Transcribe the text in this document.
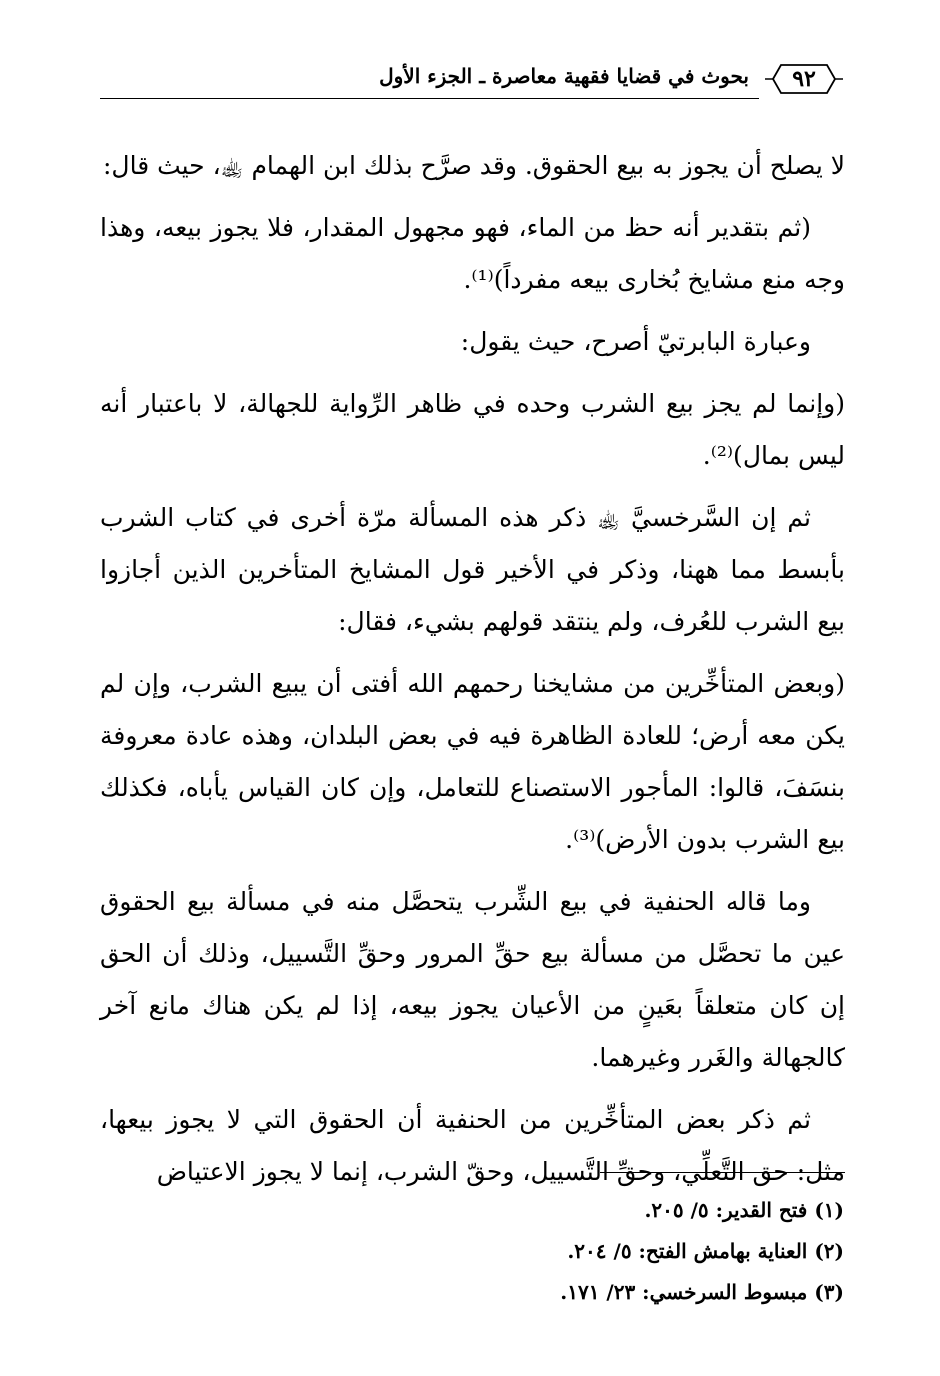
٩٢
بحوث في قضايا فقهية معاصرة ـ الجزء الأول

لا يصلح أن يجوز به بيع الحقوق. وقد صرَّح بذلك ابن الهمام ﵀، حيث قال:

(ثم بتقدير أنه حظ من الماء، فهو مجهول المقدار، فلا يجوز بيعه، وهذا وجه منع مشايخ بُخارى بيعه مفرداً)⁽¹⁾.

وعبارة البابرتيّ أصرح، حيث يقول:

(وإنما لم يجز بيع الشرب وحده في ظاهر الرِّواية للجهالة، لا باعتبار أنه ليس بمال)⁽²⁾.

ثم إن السَّرخسيَّ ﵀ ذكر هذه المسألة مرّة أخرى في كتاب الشرب بأبسط مما ههنا، وذكر في الأخير قول المشايخ المتأخرين الذين أجازوا بيع الشرب للعُرف، ولم ينتقد قولهم بشيء، فقال:

(وبعض المتأخِّرين من مشايخنا رحمهم الله أفتى أن يبيع الشرب، وإن لم يكن معه أرض؛ للعادة الظاهرة فيه في بعض البلدان، وهذه عادة معروفة بنسَفَ، قالوا: المأجور الاستصناع للتعامل، وإن كان القياس يأباه، فكذلك بيع الشرب بدون الأرض)⁽³⁾.

وما قاله الحنفية في بيع الشِّرب يتحصَّل منه في مسألة بيع الحقوق عين ما تحصَّل من مسألة بيع حقِّ المرور وحقِّ التَّسييل، وذلك أن الحق إن كان متعلقاً بعَينٍ من الأعيان يجوز بيعه، إذا لم يكن هناك مانع آخر كالجهالة والغَرر وغيرهما.

ثم ذكر بعض المتأخِّرين من الحنفية أن الحقوق التي لا يجوز بيعها، مثل: حق التَّعلِّي، وحقِّ التَّسييل، وحقّ الشرب، إنما لا يجوز الاعتياض

(١) فتح القدير: ٥/ ٢٠٥.
(٢) العناية بهامش الفتح: ٥/ ٢٠٤.
(٣) مبسوط السرخسي: ٢٣/ ١٧١.
